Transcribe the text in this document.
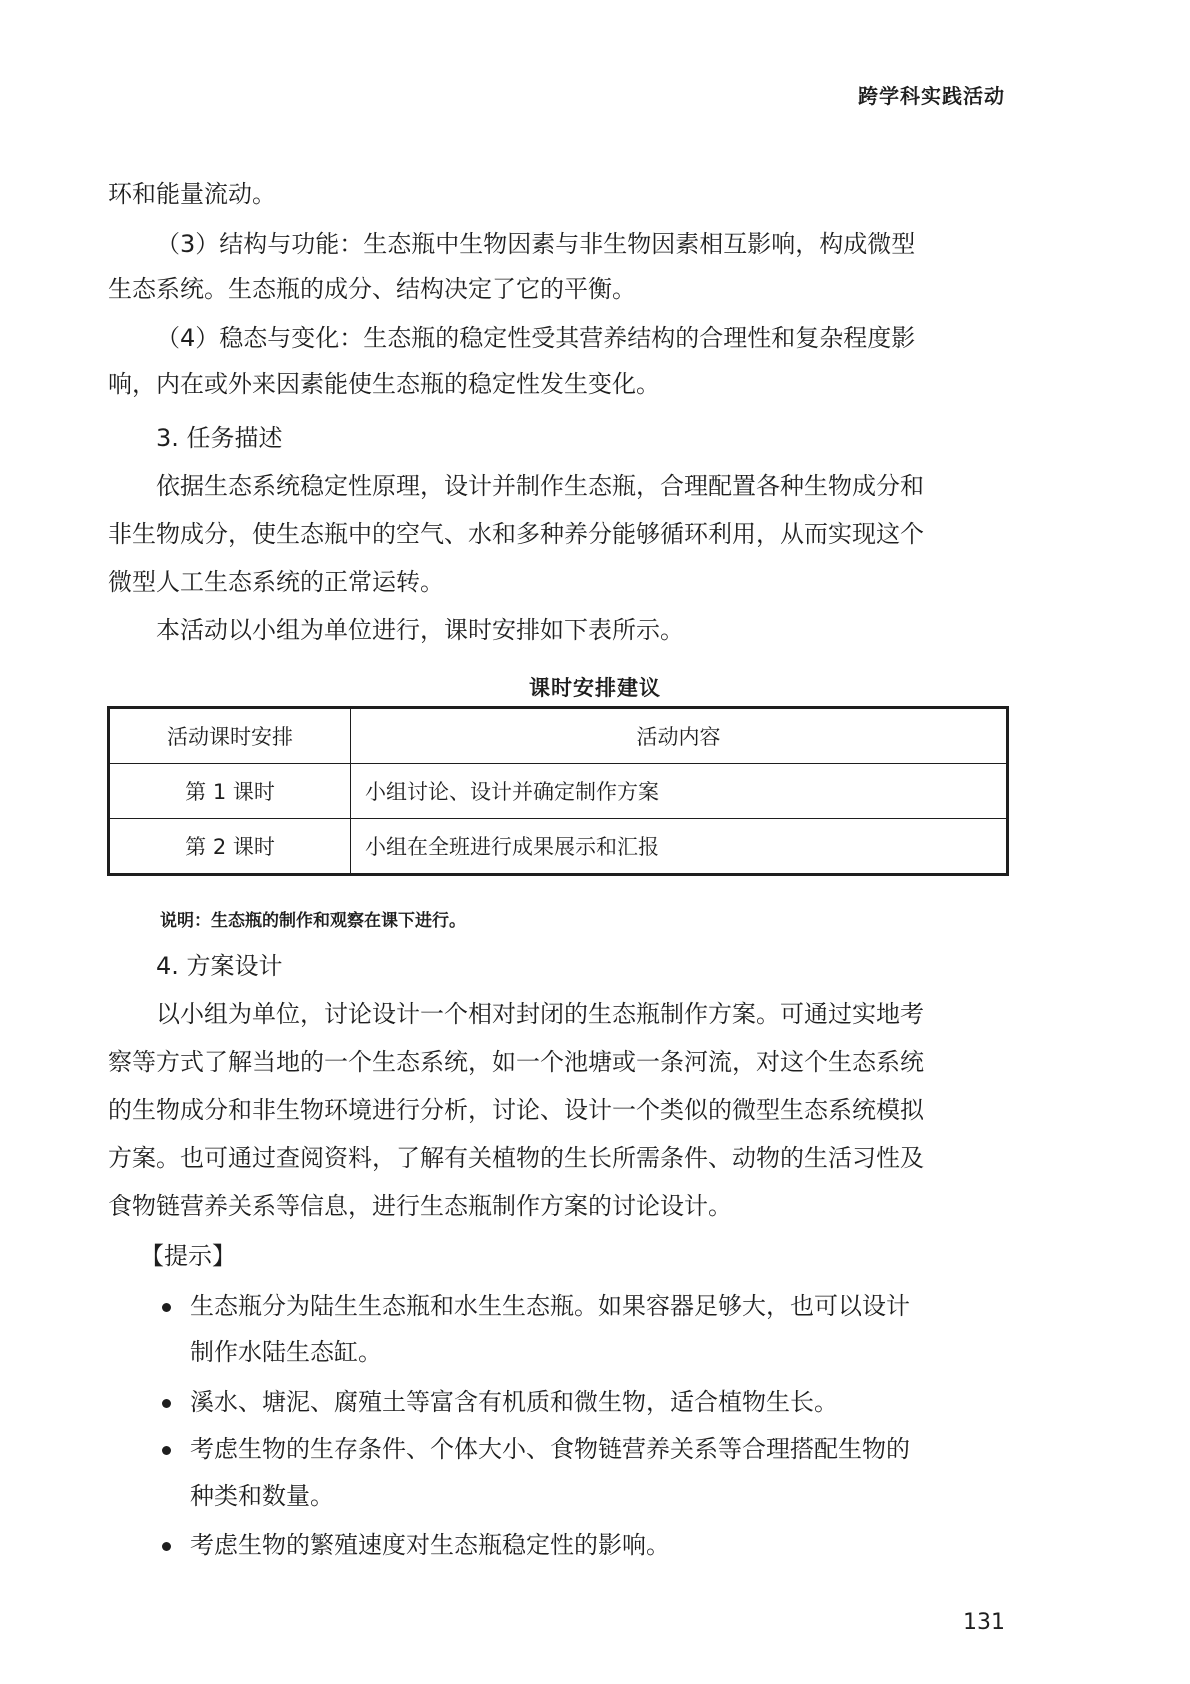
跨学科实践活动

环和能量流动。

（3）结构与功能：生态瓶中生物因素与非生物因素相互影响，构成微型

生态系统。生态瓶的成分、结构决定了它的平衡。

（4）稳态与变化：生态瓶的稳定性受其营养结构的合理性和复杂程度影

响，内在或外来因素能使生态瓶的稳定性发生变化。

3. 任务描述

依据生态系统稳定性原理，设计并制作生态瓶，合理配置各种生物成分和

非生物成分，使生态瓶中的空气、水和多种养分能够循环利用，从而实现这个

微型人工生态系统的正常运转。

本活动以小组为单位进行，课时安排如下表所示。

课时安排建议
活动课时安排	活动内容
第 1 课时	小组讨论、设计并确定制作方案
第 2 课时	小组在全班进行成果展示和汇报
说明：生态瓶的制作和观察在课下进行。

4. 方案设计

以小组为单位，讨论设计一个相对封闭的生态瓶制作方案。可通过实地考

察等方式了解当地的一个生态系统，如一个池塘或一条河流，对这个生态系统

的生物成分和非生物环境进行分析，讨论、设计一个类似的微型生态系统模拟

方案。也可通过查阅资料，了解有关植物的生长所需条件、动物的生活习性及

食物链营养关系等信息，进行生态瓶制作方案的讨论设计。

【提示】

生态瓶分为陆生生态瓶和水生生态瓶。如果容器足够大，也可以设计

制作水陆生态缸。

溪水、塘泥、腐殖土等富含有机质和微生物，适合植物生长。

考虑生物的生存条件、个体大小、食物链营养关系等合理搭配生物的

种类和数量。

考虑生物的繁殖速度对生态瓶稳定性的影响。

131
